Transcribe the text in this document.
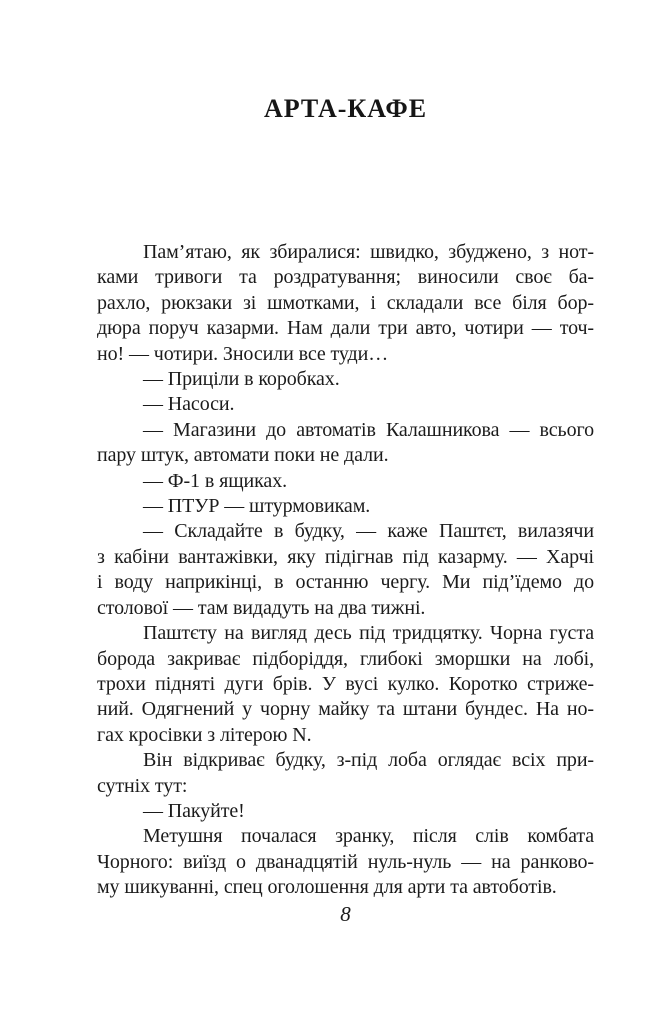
АРТА-КАФЕ
Пам’ятаю, як збиралися: швидко, збуджено, з нот-
ками тривоги та роздратування; виносили своє ба-
рахло, рюкзаки зі шмотками, і складали все біля бор-
дюра поруч казарми. Нам дали три авто, чотири — точ-
но! — чотири. Зносили все туди…
— Приціли в коробках.
— Насоси.
— Магазини до автоматів Калашникова — всього
пару штук, автомати поки не дали.
— Ф-1 в ящиках.
— ПТУР — штурмовикам.
— Складайте в будку, — каже Паштєт, вилазячи
з кабіни вантажівки, яку підігнав під казарму. — Харчі
і воду наприкінці, в останню чергу. Ми під’їдемо до
столової — там видадуть на два тижні.
Паштєту на вигляд десь під тридцятку. Чорна густа
борода закриває підборіддя, глибокі зморшки на лобі,
трохи підняті дуги брів. У вусі кулко. Коротко стриже-
ний. Одягнений у чорну майку та штани бундес. На но-
гах кросівки з літерою N.
Він відкриває будку, з-під лоба оглядає всіх при-
сутніх тут:
— Пакуйте!
Метушня почалася зранку, після слів комбата
Чорного: виїзд о дванадцятій нуль-нуль — на ранково-
му шикуванні, спец оголошення для арти та автоботів.
8
